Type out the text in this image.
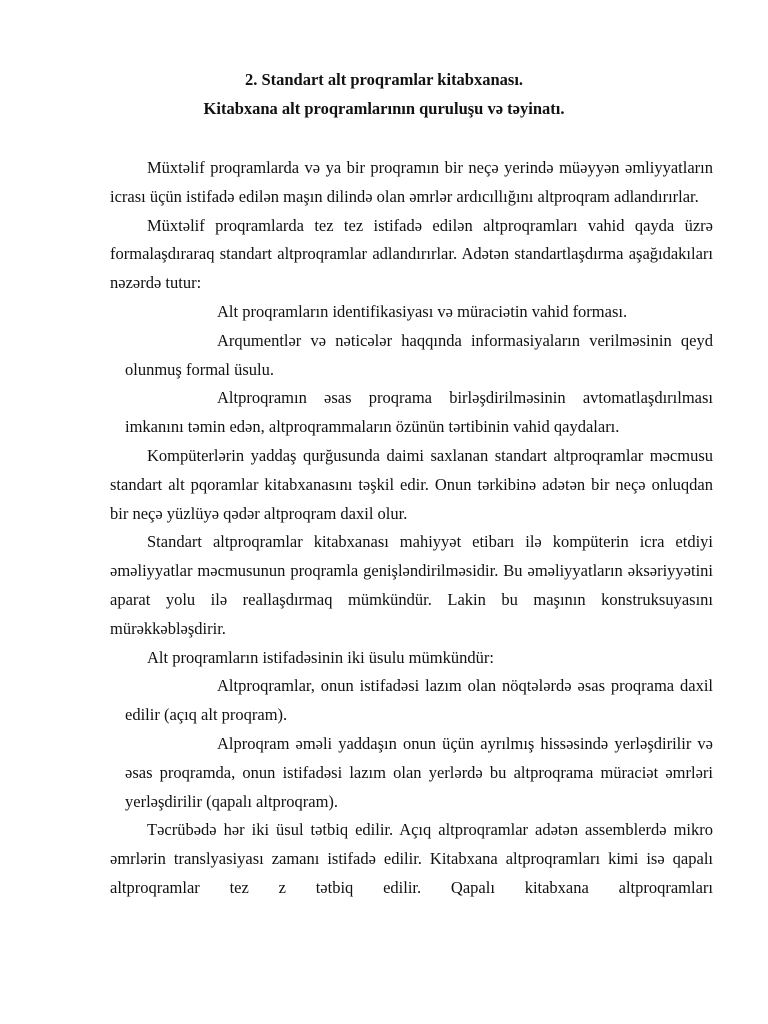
2. Standart alt proqramlar kitabxanası.

Kitabxana alt proqramlarının quruluşu və təyinatı.

Müxtəlif proqramlarda və ya bir proqramın bir neçə yerində müəyyən əmliyyatların icrası üçün istifadə edilən maşın dilində olan əmrlər ardıcıllığını altproqram adlandırırlar.

Müxtəlif proqramlarda tez tez istifadə edilən altproqramları vahid qayda üzrə formalaşdıraraq standart altproqramlar adlandırırlar. Adətən standartlaşdırma aşağıdakıları nəzərdə tutur:

Alt proqramların identifikasiyası və müraciətin vahid forması.

Arqumentlər və nəticələr haqqında informasiyaların verilməsinin qeyd olunmuş formal üsulu.

Altproqramın əsas proqrama birləşdirilməsinin avtomatlaşdırılması imkanını təmin edən, altproqrammaların özünün tərtibinin vahid qaydaları.

Kompüterlərin yaddaş qurğusunda daimi saxlanan standart altproqramlar məcmusu standart alt pqoramlar kitabxanasını təşkil edir. Onun tərkibinə adətən bir neçə onluqdan bir neçə yüzlüyə qədər altproqram daxil olur.

Standart altproqramlar kitabxanası mahiyyət etibarı ilə kompüterin icra etdiyi əməliyyatlar məcmusunun proqramla genişləndirilməsidir. Bu əməliyyatların əksəriyyətini aparat yolu ilə reallaşdırmaq mümkündür. Lakin bu maşının konstruksuyasını mürəkkəbləşdirir.

Alt proqramların istifadəsinin iki üsulu mümkündür:

Altproqramlar, onun istifadəsi lazım olan nöqtələrdə əsas proqrama daxil edilir (açıq alt proqram).

Alproqram əməli yaddaşın onun üçün ayrılmış hissəsində yerləşdirilir və əsas proqramda, onun istifadəsi lazım olan yerlərdə bu altproqrama müraciət əmrləri yerləşdirilir (qapalı altproqram).

Təcrübədə hər iki üsul tətbiq edilir. Açıq altproqramlar adətən assemblerdə mikro əmrlərin translyasiyası zamanı istifadə edilir. Kitabxana altproqramları kimi isə qapalı altproqramlar tez z tətbiq edilir. Qapalı kitabxana altproqramları
